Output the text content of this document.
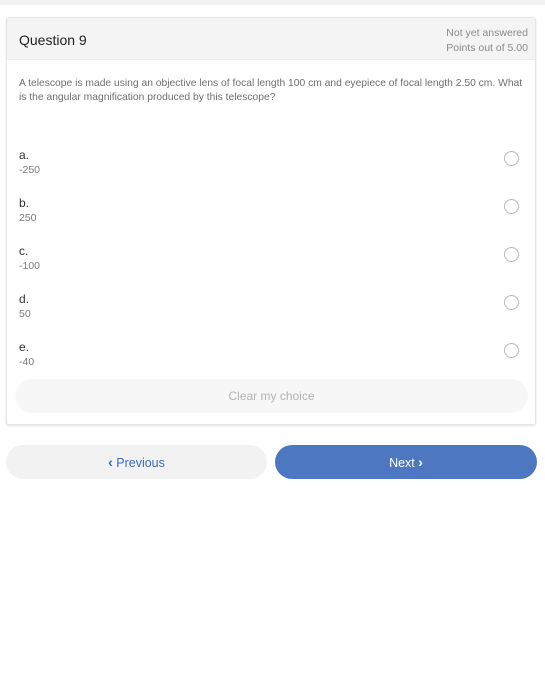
Question 9	Not yet answered
Points out of 5.00
A telescope is made using an objective lens of focal length 100 cm and eyepiece of focal length 2.50 cm. What is the angular magnification produced by this telescope?
a.
-250
b.
250
c.
-100
d.
50
e.
-40
Clear my choice
‹ Previous	Next ›
